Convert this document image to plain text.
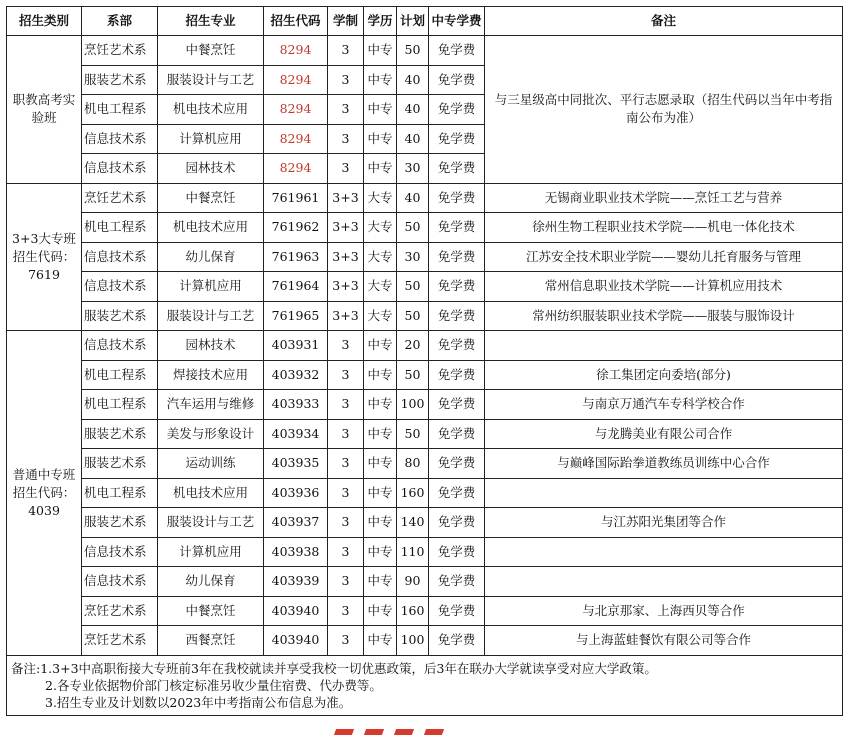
招生类别	系部	招生专业	招生代码	学制	学历	计划	中专学费	备注
职教高考实验班	烹饪艺术系	中餐烹饪	8294	3	中专	50	免学费	与三星级高中同批次、平行志愿录取（招生代码以当年中考指南公布为准）
	服装艺术系	服装设计与工艺	8294	3	中专	40	免学费	
	机电工程系	机电技术应用	8294	3	中专	40	免学费	
	信息技术系	计算机应用	8294	3	中专	40	免学费	
	信息技术系	园林技术	8294	3	中专	30	免学费	
3+3大专班招生代码：7619	烹饪艺术系	中餐烹饪	761961	3+3	大专	40	免学费	无锡商业职业技术学院——烹饪工艺与营养
	机电工程系	机电技术应用	761962	3+3	大专	50	免学费	徐州生物工程职业技术学院——机电一体化技术
	信息技术系	幼儿保育	761963	3+3	大专	30	免学费	江苏安全技术职业学院——婴幼儿托育服务与管理
	信息技术系	计算机应用	761964	3+3	大专	50	免学费	常州信息职业技术学院——计算机应用技术
	服装艺术系	服装设计与工艺	761965	3+3	大专	50	免学费	常州纺织服装职业技术学院——服装与服饰设计
普通中专班招生代码：4039	信息技术系	园林技术	403931	3	中专	20	免学费	
	机电工程系	焊接技术应用	403932	3	中专	50	免学费	徐工集团定向委培(部分)
	机电工程系	汽车运用与维修	403933	3	中专	100	免学费	与南京万通汽车专科学校合作
	服装艺术系	美发与形象设计	403934	3	中专	50	免学费	与龙腾美业有限公司合作
	服装艺术系	运动训练	403935	3	中专	80	免学费	与巅峰国际跆拳道教练员训练中心合作
	机电工程系	机电技术应用	403936	3	中专	160	免学费	
	服装艺术系	服装设计与工艺	403937	3	中专	140	免学费	与江苏阳光集团等合作
	信息技术系	计算机应用	403938	3	中专	110	免学费	
	信息技术系	幼儿保育	403939	3	中专	90	免学费	
	烹饪艺术系	中餐烹饪	403940	3	中专	160	免学费	与北京那家、上海西贝等合作
	烹饪艺术系	西餐烹饪	403940	3	中专	100	免学费	与上海蓝蛙餐饮有限公司等合作

备注:1.3+3中高职衔接大专班前3年在我校就读并享受我校一切优惠政策，后3年在联办大学就读享受对应大学政策。
2.各专业依据物价部门核定标准另收少量住宿费、代办费等。
3.招生专业及计划数以2023年中考指南公布信息为准。								
